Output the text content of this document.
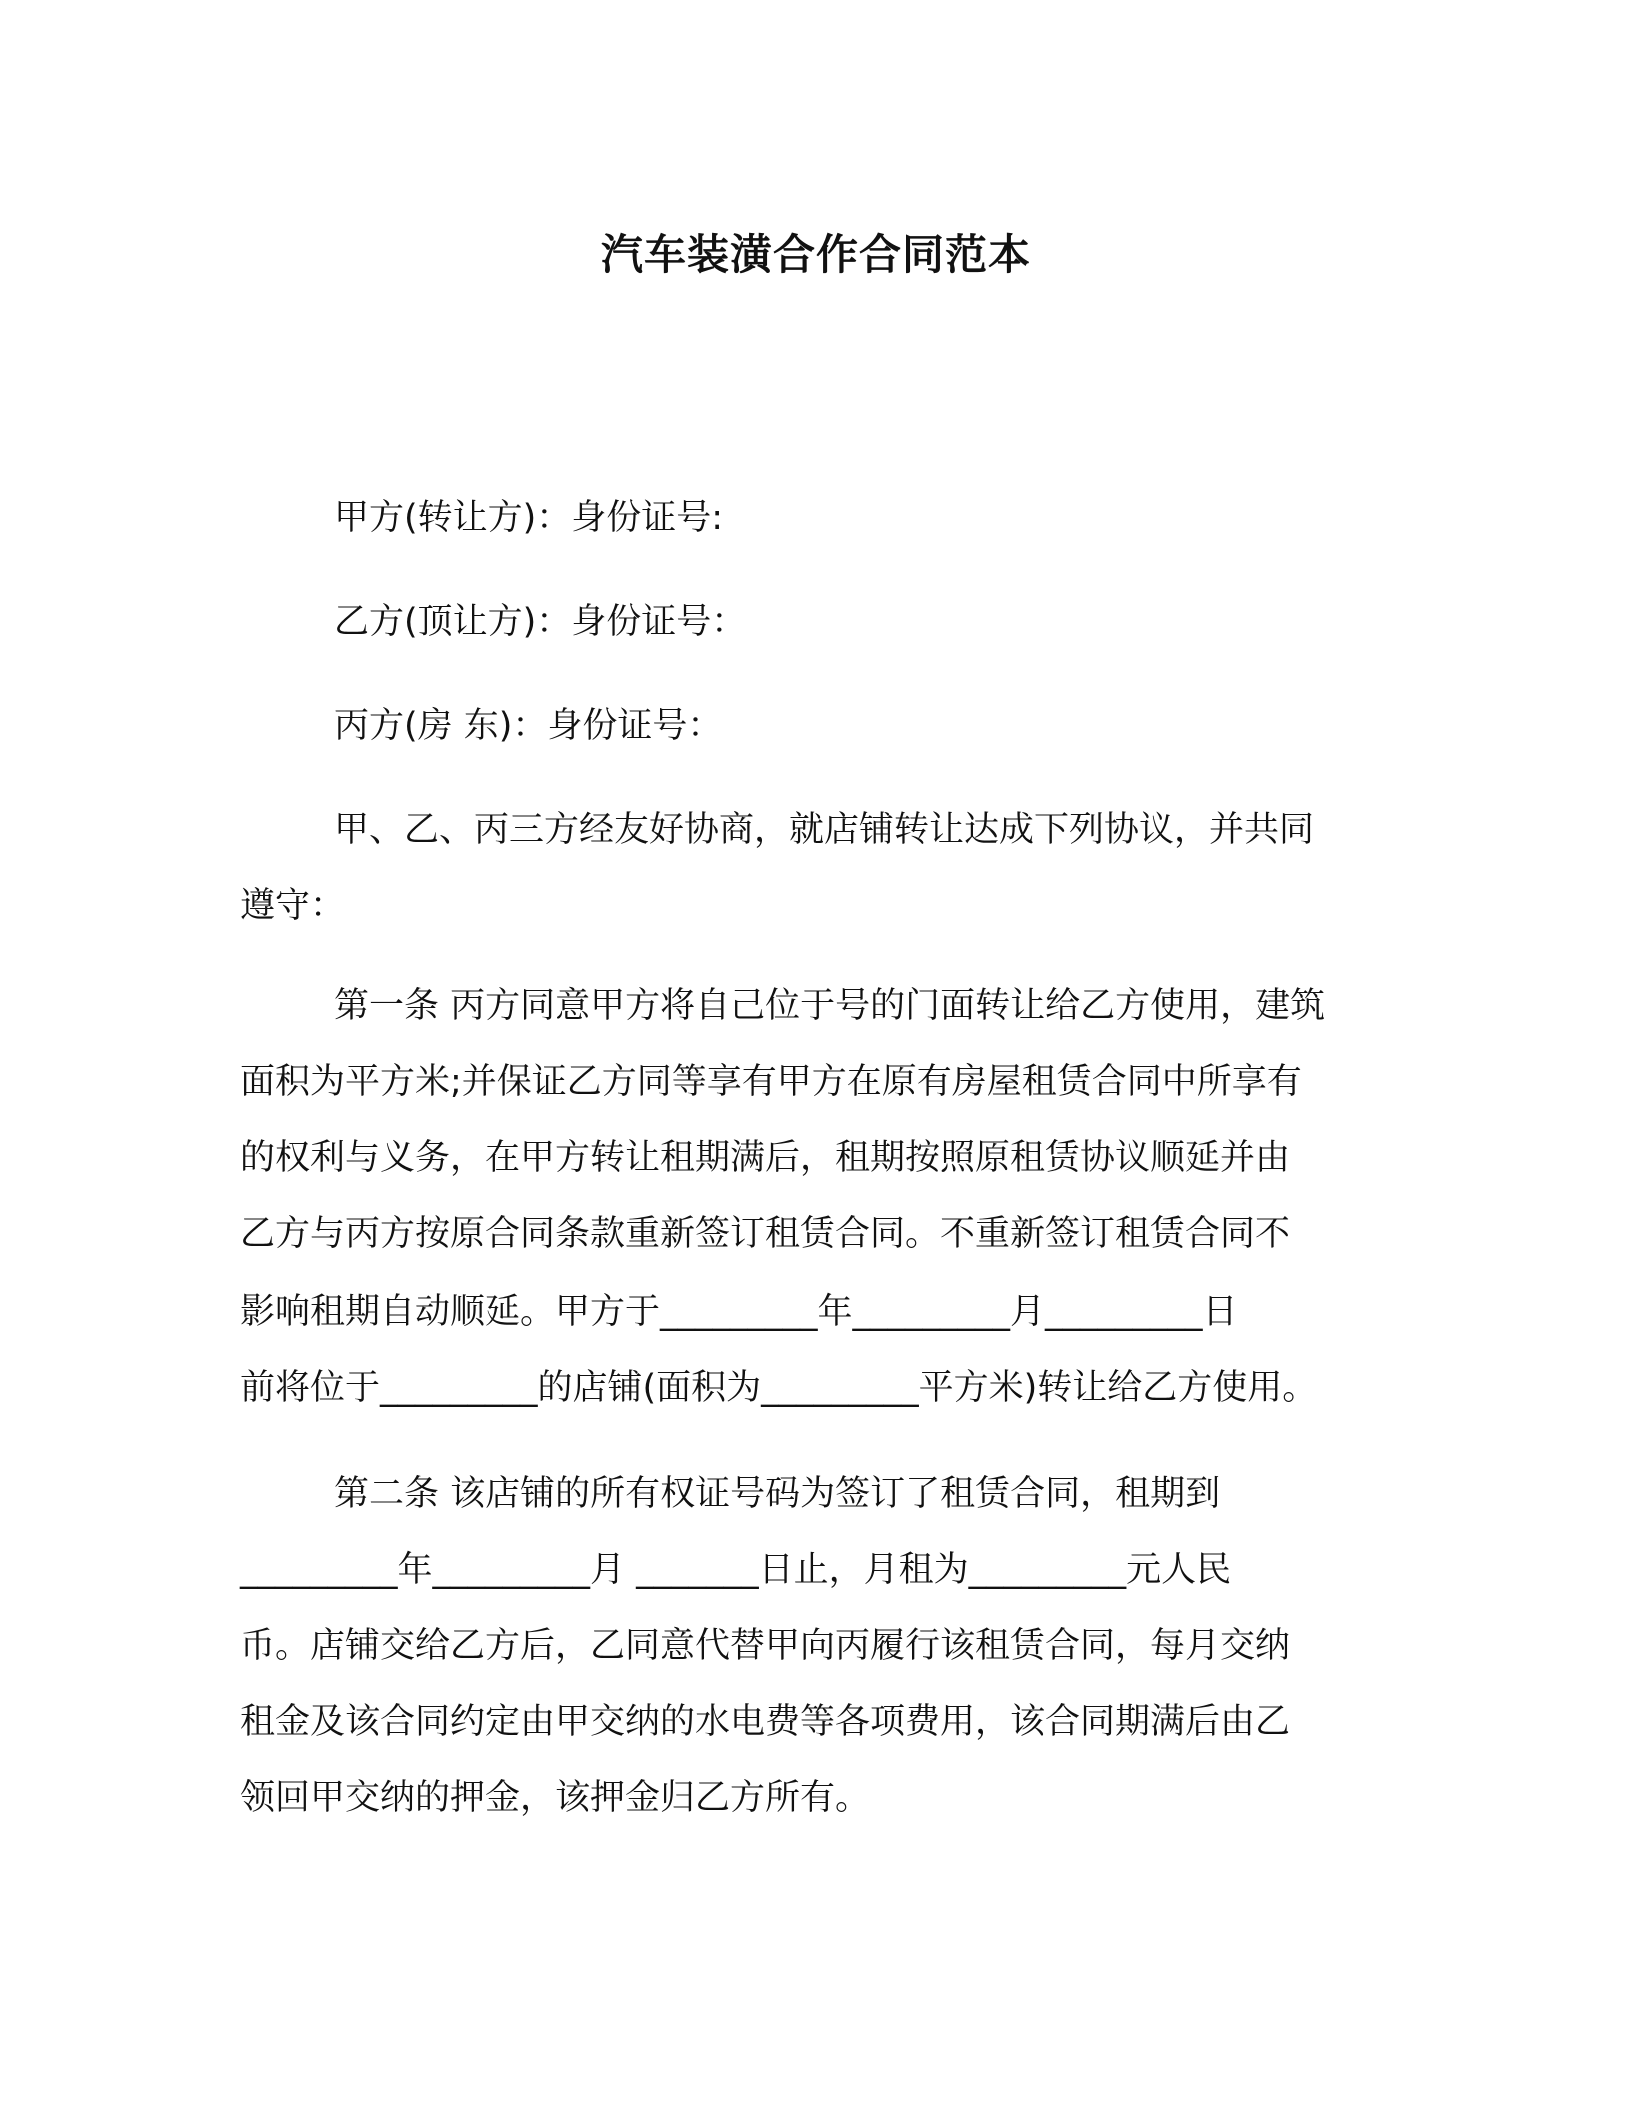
汽车装潢合作合同范本
甲方(转让方)：身份证号:
乙方(顶让方)：身份证号：
丙方(房 东)：身份证号：
甲、乙、丙三方经友好协商，就店铺转让达成下列协议，并共同
遵守：
第一条 丙方同意甲方将自己位于号的门面转让给乙方使用，建筑
面积为平方米;并保证乙方同等享有甲方在原有房屋租赁合同中所享有
的权利与义务，在甲方转让租期满后，租期按照原租赁协议顺延并由
乙方与丙方按原合同条款重新签订租赁合同。不重新签订租赁合同不
影响租期自动顺延。甲方于_________年_________月_________日
前将位于_________的店铺(面积为_________平方米)转让给乙方使用。
第二条 该店铺的所有权证号码为签订了租赁合同，租期到
_________年_________月 _______日止，月租为_________元人民
币。店铺交给乙方后，乙同意代替甲向丙履行该租赁合同，每月交纳
租金及该合同约定由甲交纳的水电费等各项费用，该合同期满后由乙
领回甲交纳的押金，该押金归乙方所有。
